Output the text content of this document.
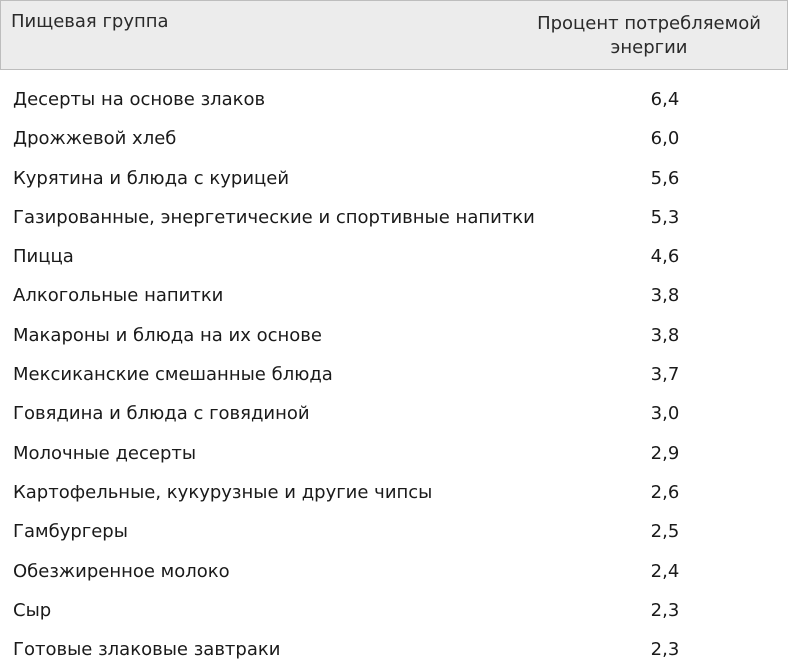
Пищевая группа	Процент потребляемой
энергии
Десерты на основе злаков	6,4
Дрожжевой хлеб	6,0
Курятина и блюда с курицей	5,6
Газированные, энергетические и спортивные напитки	5,3
Пицца	4,6
Алкогольные напитки	3,8
Макароны и блюда на их основе	3,8
Мексиканские смешанные блюда	3,7
Говядина и блюда с говядиной	3,0
Молочные десерты	2,9
Картофельные, кукурузные и другие чипсы	2,6
Гамбургеры	2,5
Обезжиренное молоко	2,4
Сыр	2,3
Готовые злаковые завтраки	2,3
